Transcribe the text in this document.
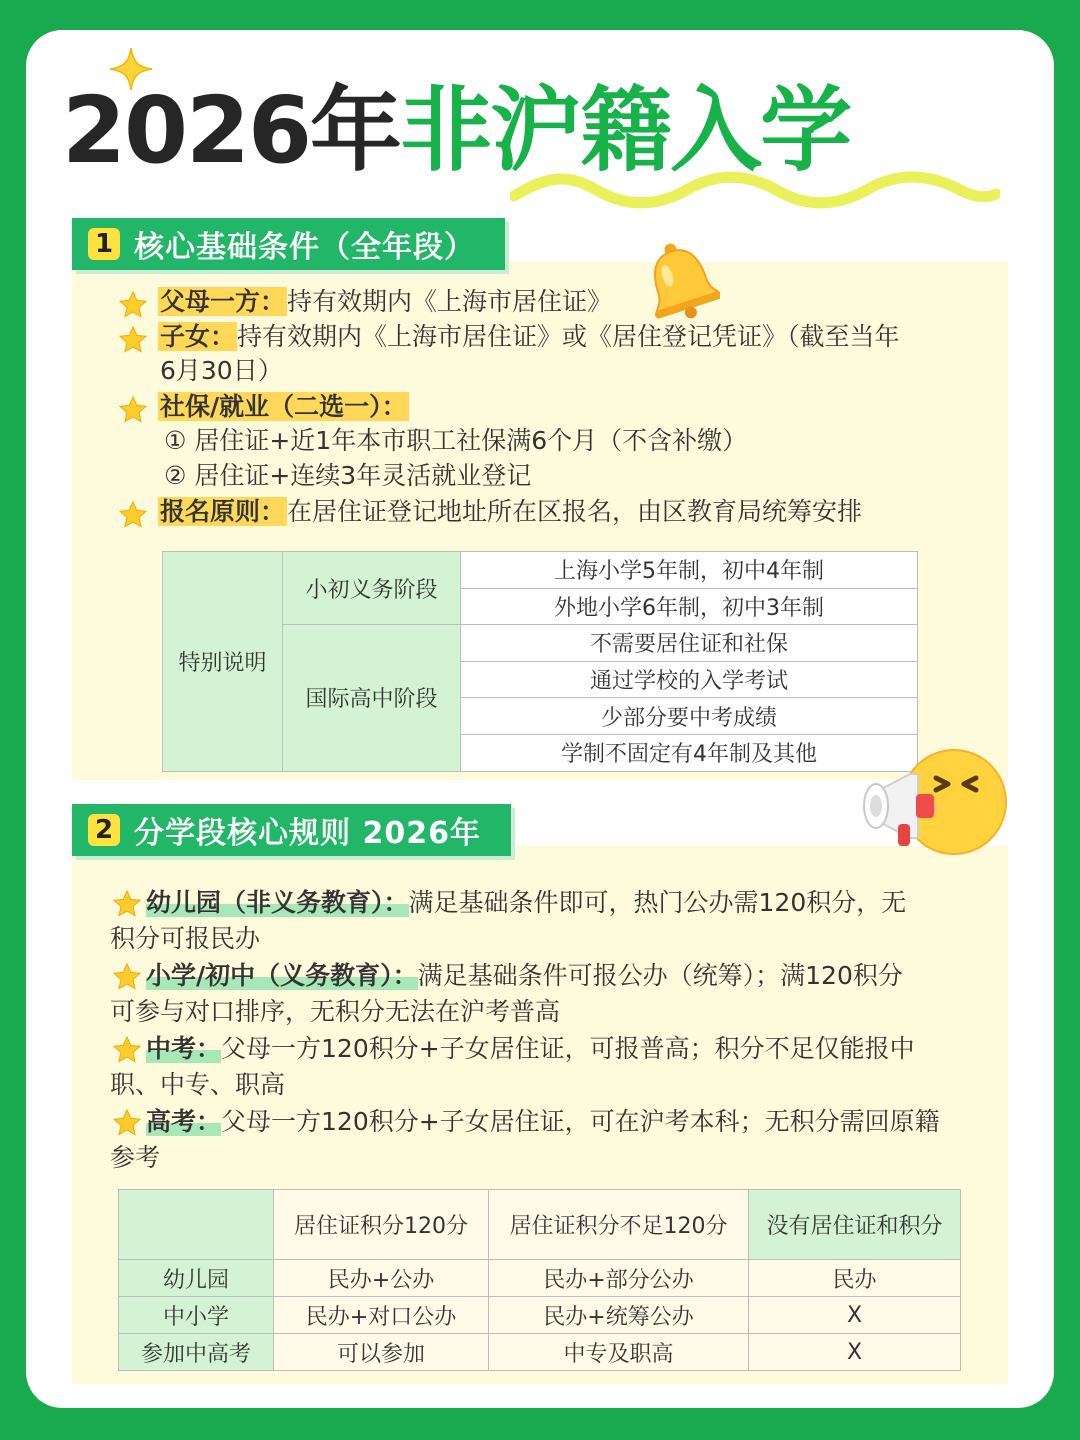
2026年非沪籍入学
1 核心基础条件（全年段）
父母一方：持有效期内《上海市居住证》
子女：持有效期内《上海市居住证》或《居住登记凭证》（截至当年
6月30日）
社保/就业（二选一）：
① 居住证+近1年本市职工社保满6个月（不含补缴）
② 居住证+连续3年灵活就业登记
报名原则：在居住证登记地址所在区报名，由区教育局统筹安排
特别说明	小初义务阶段	上海小学5年制，初中4年制
		外地小学6年制，初中3年制
	国际高中阶段	不需要居住证和社保
		通过学校的入学考试
		少部分要中考成绩
		学制不固定有4年制及其他
2 分学段核心规则 2026年
幼儿园（非义务教育）：满足基础条件即可，热门公办需120积分，无
积分可报民办
小学/初中（义务教育）：满足基础条件可报公办（统筹）；满120积分
可参与对口排序，无积分无法在沪考普高
中考：父母一方120积分+子女居住证，可报普高；积分不足仅能报中
职、中专、职高
高考：父母一方120积分+子女居住证，可在沪考本科；无积分需回原籍
参考
	居住证积分120分	居住证积分不足120分	没有居住证和积分
幼儿园	民办+公办	民办+部分公办	民办
中小学	民办+对口公办	民办+统筹公办	X
参加中高考	可以参加	中专及职高	X
